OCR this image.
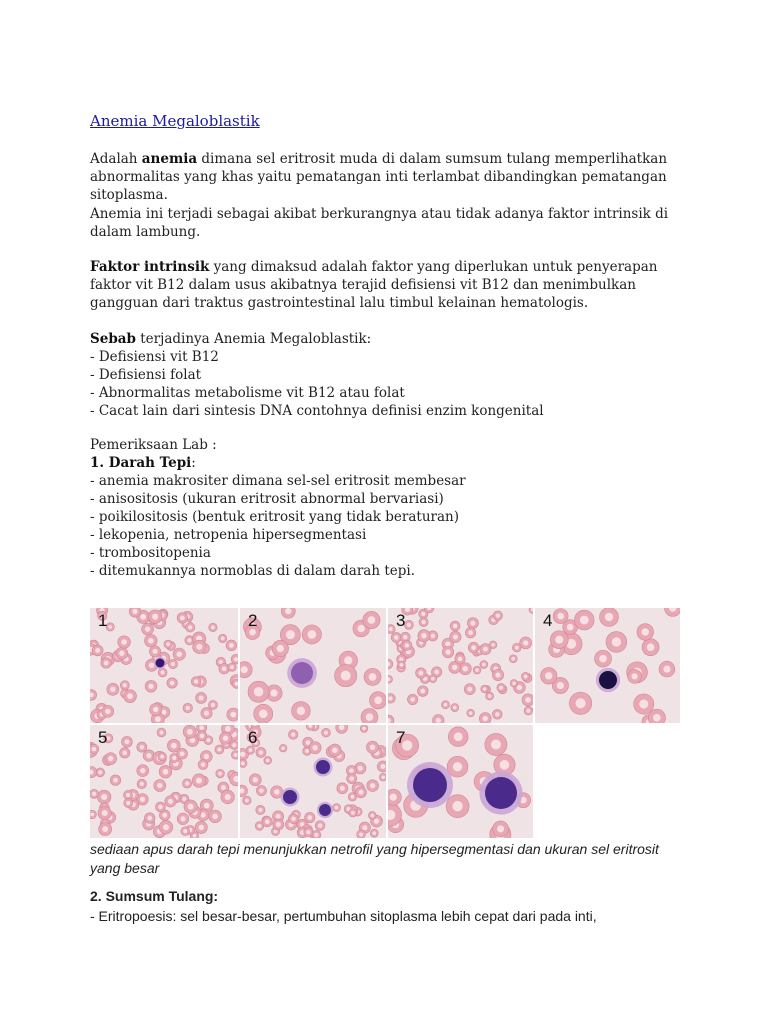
Anemia Megaloblastik
Adalah anemia dimana sel eritrosit muda di dalam sumsum tulang memperlihatkan abnormalitas yang khas yaitu pematangan inti terlambat dibandingkan pematangan sitoplasma.
Anemia ini terjadi sebagai akibat berkurangnya atau tidak adanya faktor intrinsik di dalam lambung.
Faktor intrinsik yang dimaksud adalah faktor yang diperlukan untuk penyerapan faktor vit B12 dalam usus akibatnya terajid defisiensi vit B12 dan menimbulkan gangguan dari traktus gastrointestinal lalu timbul kelainan hematologis.
Sebab terjadinya Anemia Megaloblastik:
- Defisiensi vit B12
- Defisiensi folat
- Abnormalitas metabolisme vit B12 atau folat
- Cacat lain dari sintesis DNA contohnya definisi enzim kongenital
Pemeriksaan Lab :
1. Darah Tepi:
- anemia makrositer dimana sel-sel eritrosit membesar
- anisositosis (ukuran eritrosit abnormal bervariasi)
- poikilositosis (bentuk eritrosit yang tidak beraturan)
- lekopenia, netropenia hipersegmentasi
- trombositopenia
- ditemukannya normoblas di dalam darah tepi.
1	2	3	4
5	6	7
sediaan apus darah tepi menunjukkan netrofil yang hipersegmentasi dan ukuran sel eritrosit yang besar
2. Sumsum Tulang:
- Eritropoesis: sel besar-besar, pertumbuhan sitoplasma lebih cepat dari pada inti,
